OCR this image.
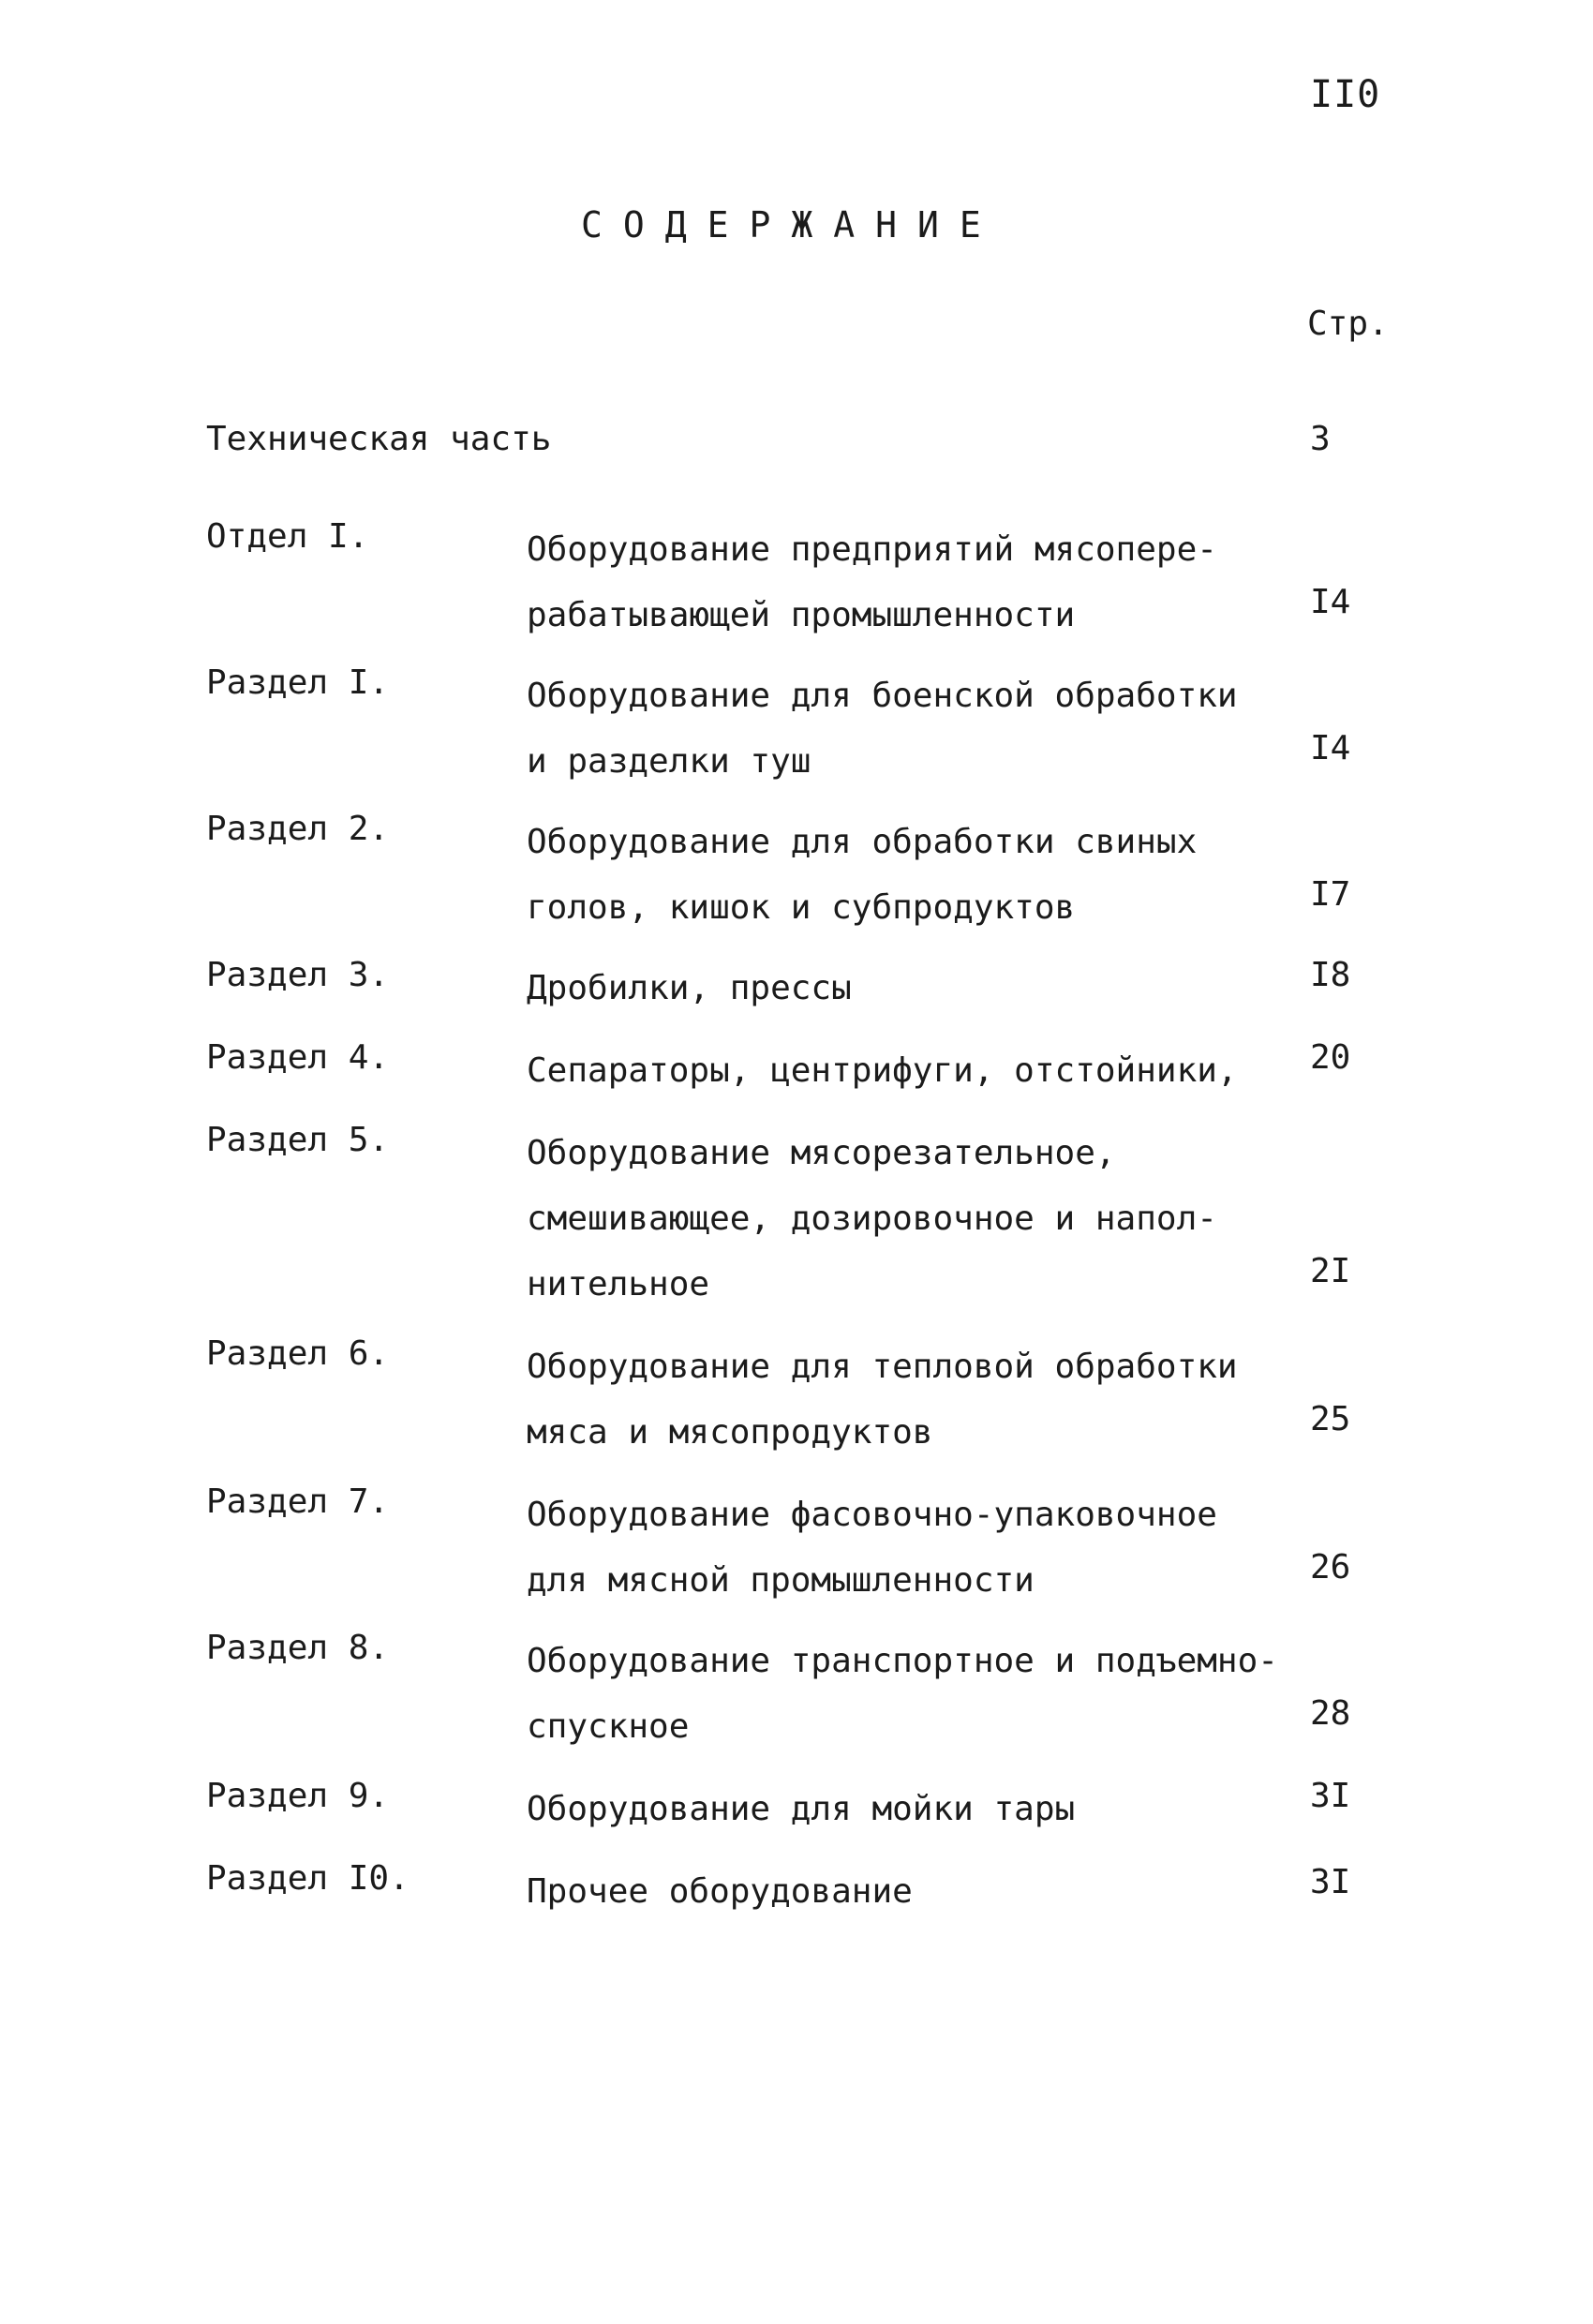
II0
СОДЕРЖАНИЕ
Стр.
Техническая часть	3
Отдел I.	Оборудование предприятий мясопере-
рабатывающей промышленности	I4
Раздел I.	Оборудование для боенской обработки
и разделки туш	I4
Раздел 2.	Оборудование для обработки свиных
голов, кишок и субпродуктов	I7
Раздел 3.	Дробилки, прессы	I8
Раздел 4.	Сепараторы, центрифуги, отстойники,	20
Раздел 5.	Оборудование мясорезательное,
смешивающее, дозировочное и напол-
нительное	2I
Раздел 6.	Оборудование для тепловой обработки
мяса и мясопродуктов	25
Раздел 7.	Оборудование фасовочно-упаковочное
для мясной промышленности	26
Раздел 8.	Оборудование транспортное и подъемно-
спускное	28
Раздел 9.	Оборудование для мойки тары	3I
Раздел I0.	Прочее оборудование	3I
